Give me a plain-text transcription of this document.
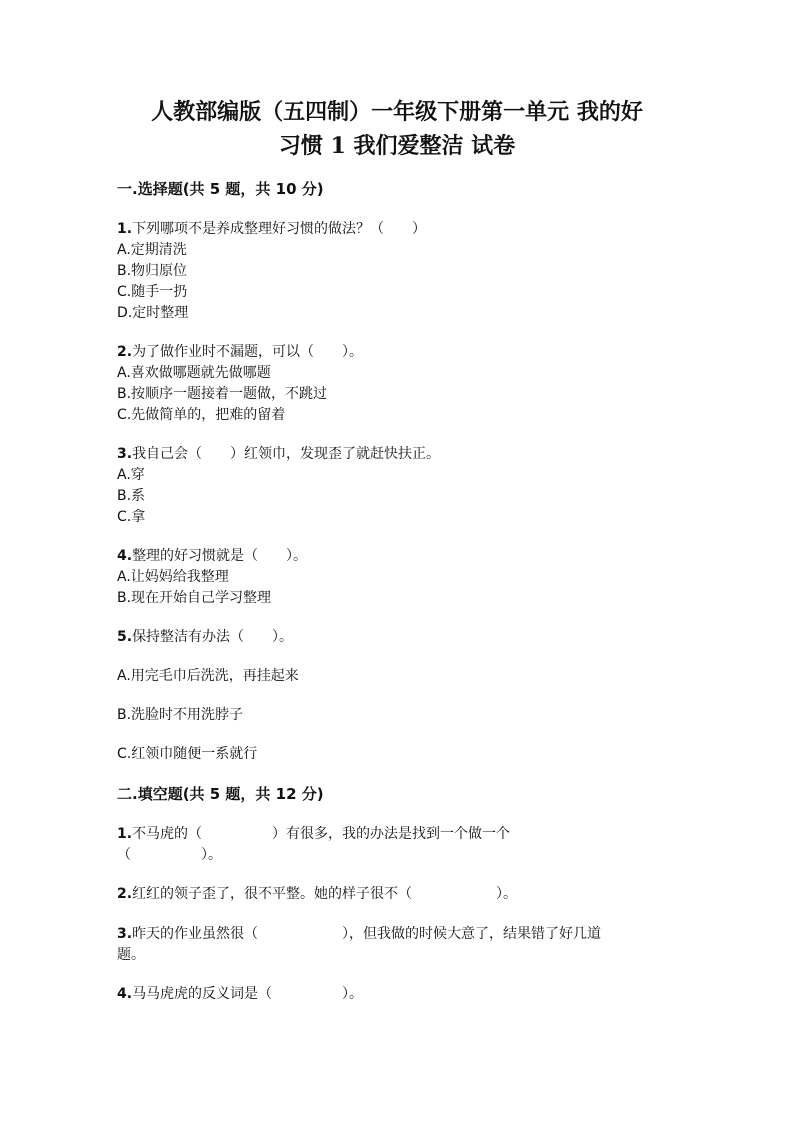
人教部编版（五四制）一年级下册第一单元 我的好
习惯 1 我们爱整洁 试卷
一.选择题(共 5 题，共 10 分)
1.下列哪项不是养成整理好习惯的做法？（　　）
A.定期清洗
B.物归原位
C.随手一扔
D.定时整理
2.为了做作业时不漏题，可以（　　）。
A.喜欢做哪题就先做哪题
B.按顺序一题接着一题做，不跳过
C.先做简单的，把难的留着
3.我自己会（　　）红领巾，发现歪了就赶快扶正。
A.穿
B.系
C.拿
4.整理的好习惯就是（　　）。
A.让妈妈给我整理
B.现在开始自己学习整理
5.保持整洁有办法（　　）。
A.用完毛巾后洗洗，再挂起来
B.洗脸时不用洗脖子
C.红领巾随便一系就行
二.填空题(共 5 题，共 12 分)
1.不马虎的（　　　　　）有很多，我的办法是找到一个做一个
（　　　　　）。
2.红红的领子歪了，很不平整。她的样子很不（　　　　　　）。
3.昨天的作业虽然很（　　　　　　），但我做的时候大意了，结果错了好几道
题。
4.马马虎虎的反义词是（　　　　　）。
